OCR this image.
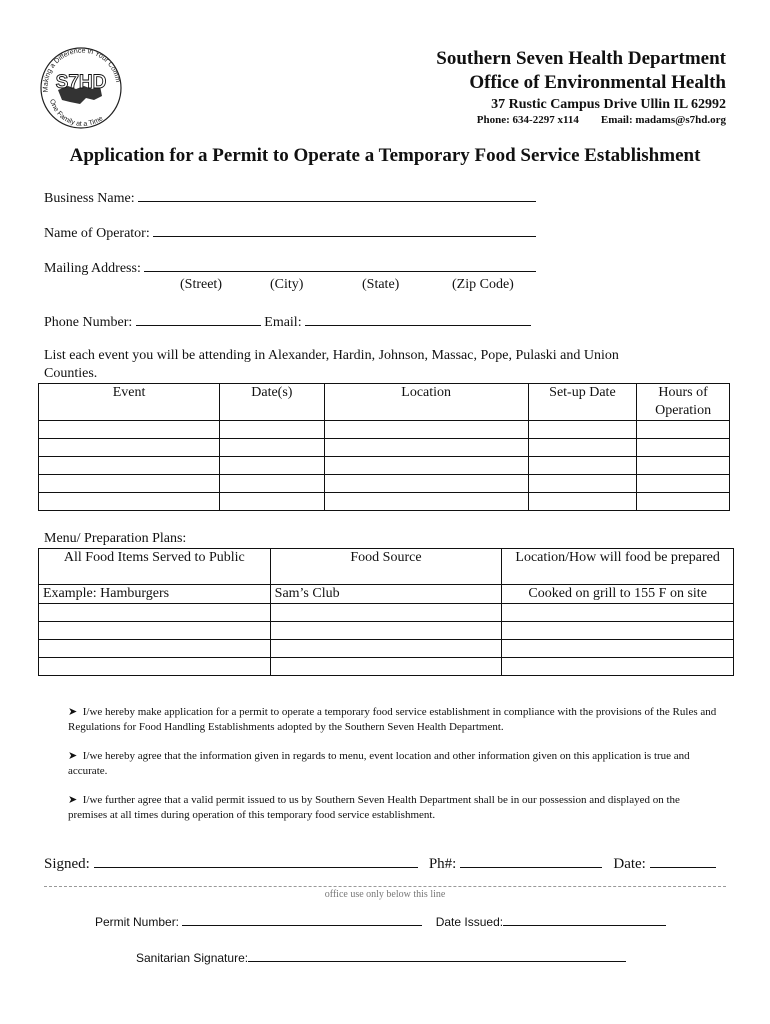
Making a Difference in Your Comm
One Family at a Time
S7HD
Southern Seven Health Department
Office of Environmental Health
37 Rustic Campus Drive Ullin IL 62992
Phone: 634-2297 x114 Email: madams@s7hd.org
Application for a Permit to Operate a Temporary Food Service Establishment
Business Name:
Name of Operator:
Mailing Address:
(Street)	(City)	(State)	(Zip Code)
Phone Number:	Email:
List each event you will be attending in Alexander, Hardin, Johnson, Massac, Pope, Pulaski and Union
Counties.
Event	Date(s)	Location	Set-up Date	Hours of Operation

Menu/ Preparation Plans:
All Food Items Served to Public	Food Source	Location/How will food be prepared
Example: Hamburgers	Sam’s Club	Cooked on grill to 155 F on site

➤  I/we hereby make application for a permit to operate a temporary food service establishment in compliance with the provisions of the Rules and Regulations for Food Handling Establishments adopted by the Southern Seven Health Department.
➤  I/we hereby agree that the information given in regards to menu, event location and other information given on this application is true and accurate.
➤  I/we further agree that a valid permit issued to us by Southern Seven Health Department shall be in our possession and displayed on the premises at all times during operation of this temporary food service establishment.
Signed:	Ph#:	Date:
office use only below this line
Permit Number:	Date Issued:
Sanitarian Signature:
